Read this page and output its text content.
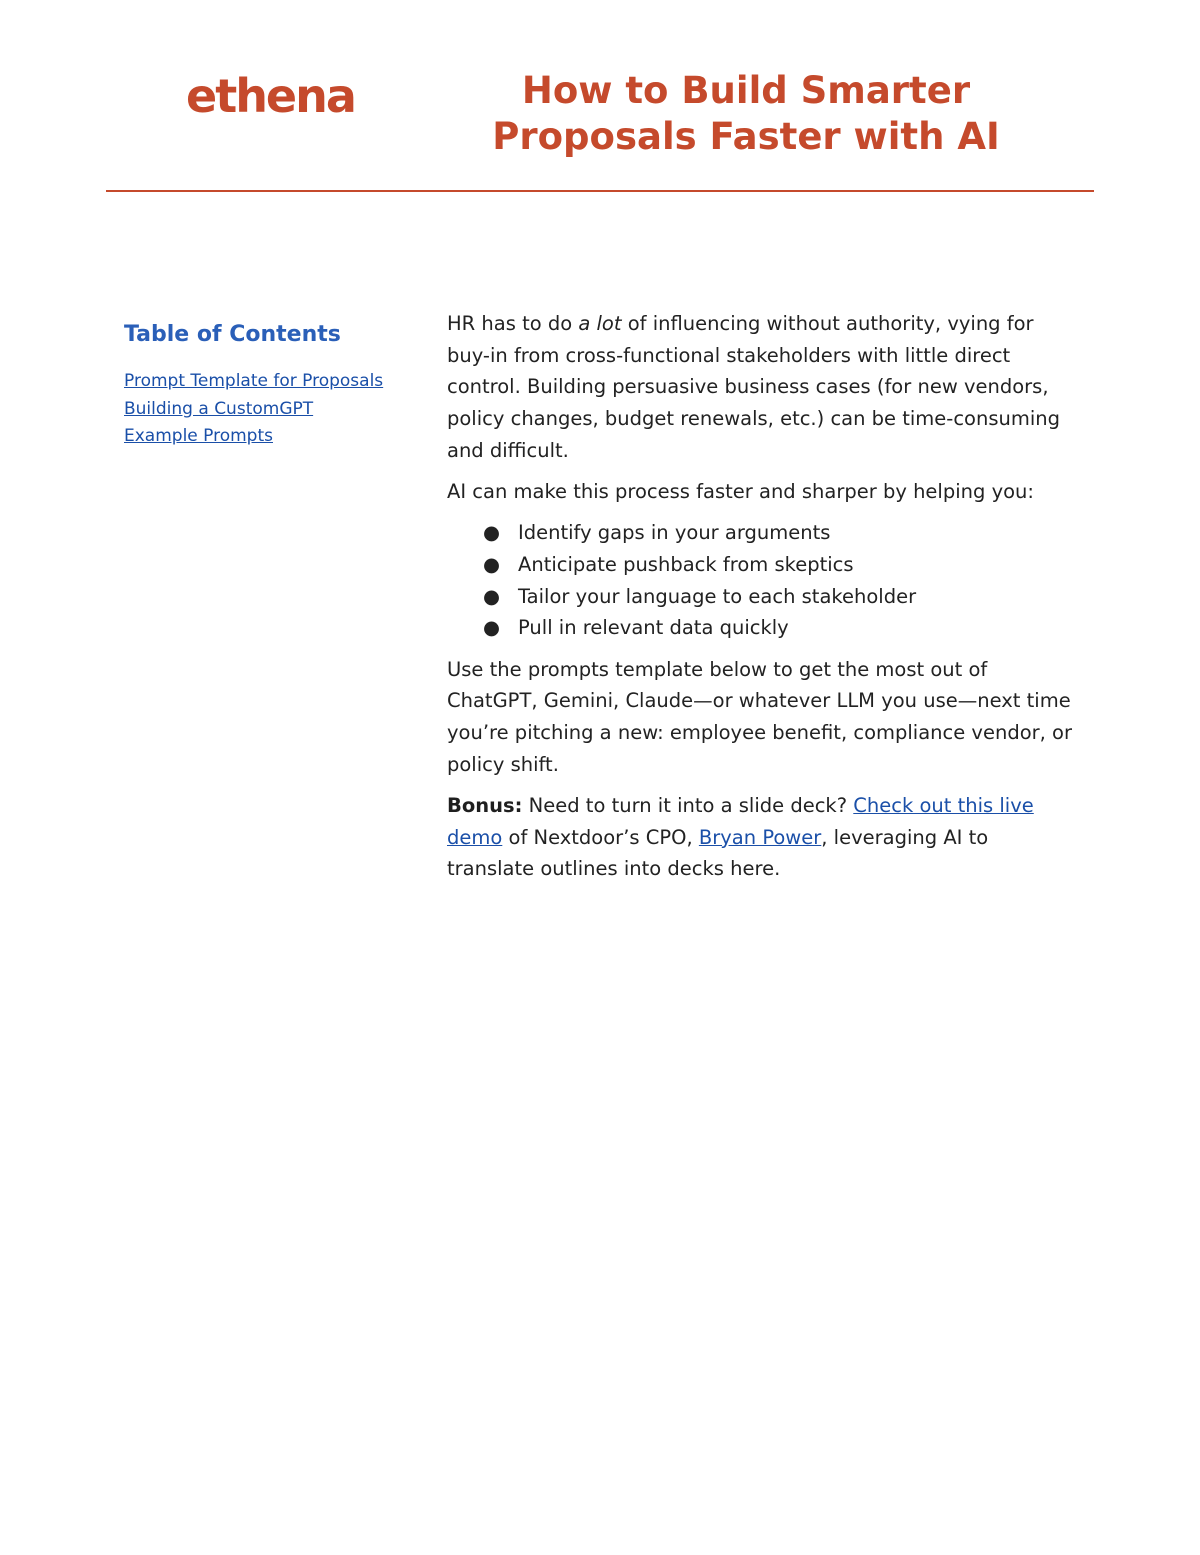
ethena	How to Build Smarter
Proposals Faster with AI
Table of Contents
Prompt Template for Proposals
Building a CustomGPT
Example Prompts

HR has to do a lot of influencing without authority, vying for buy-in from cross-functional stakeholders with little direct control. Building persuasive business cases (for new vendors, policy changes, budget renewals, etc.) can be time-consuming and difficult.

AI can make this process faster and sharper by helping you:

● Identify gaps in your arguments
● Anticipate pushback from skeptics
● Tailor your language to each stakeholder
● Pull in relevant data quickly

Use the prompts template below to get the most out of ChatGPT, Gemini, Claude—or whatever LLM you use—next time you’re pitching a new: employee benefit, compliance vendor, or policy shift.

Bonus: Need to turn it into a slide deck? Check out this live demo of Nextdoor’s CPO, Bryan Power, leveraging AI to translate outlines into decks here.
